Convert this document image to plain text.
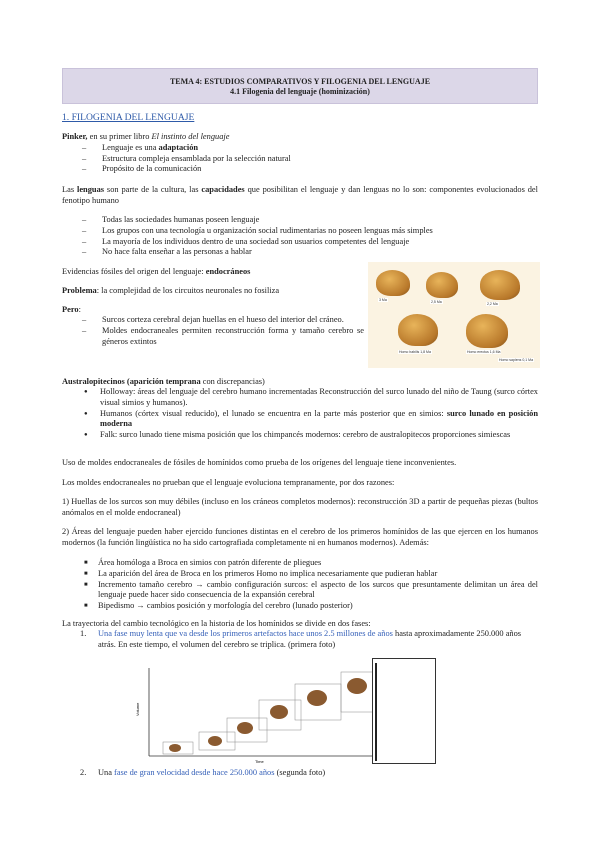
TEMA 4: ESTUDIOS COMPARATIVOS Y FILOGENIA DEL LENGUAJE
4.1 Filogenia del lenguaje (hominización)
1. FILOGENIA DEL LENGUAJE
Pinker, en su primer libro El instinto del lenguaje
– Lenguaje es una adaptación
– Estructura compleja ensamblada por la selección natural
– Propósito de la comunicación
Las lenguas son parte de la cultura, las capacidades que posibilitan el lenguaje y dan lenguas no lo son: componentes evolucionados del fenotipo humano
– Todas las sociedades humanas poseen lenguaje
– Los grupos con una tecnología u organización social rudimentarias no poseen lenguas más simples
– La mayoría de los individuos dentro de una sociedad son usuarios competentes del lenguaje
– No hace falta enseñar a las personas a hablar
Evidencias fósiles del origen del lenguaje: endocráneos
Problema: la complejidad de los circuitos neuronales no fosiliza
Pero:
– Surcos corteza cerebral dejan huellas en el hueso del interior del cráneo.
– Moldes endocraneales permiten reconstrucción forma y tamaño cerebro se géneros extintos
3 Ma	2,5 Ma	2,2 Ma
Homo habilis 1,8 Ma	Homo erectus 1,6 Ma
Homo sapiens 0,1 Ma
Australopitecinos (aparición temprana con discrepancias)
● Holloway: áreas del lenguaje del cerebro humano incrementadas Reconstrucción del surco lunado del niño de Taung (surco córtex visual simios y humanos).
● Humanos (córtex visual reducido), el lunado se encuentra en la parte más posterior que en simios: surco lunado en posición moderna
● Falk: surco lunado tiene misma posición que los chimpancés modernos: cerebro de australopitecos proporciones simiescas
Uso de moldes endocraneales de fósiles de homínidos como prueba de los orígenes del lenguaje tiene inconvenientes.
Los moldes endocraneales no prueban que el lenguaje evoluciona tempranamente, por dos razones:
1) Huellas de los surcos son muy débiles (incluso en los cráneos completos modernos): reconstrucción 3D a partir de pequeñas piezas (bultos anómalos en el molde endocraneal)
2) Áreas del lenguaje pueden haber ejercido funciones distintas en el cerebro de los primeros homínidos de las que ejercen en los humanos modernos (la función lingüística no ha sido cartografiada completamente ni en humanos modernos). Además:
■ Área homóloga a Broca en simios con patrón diferente de pliegues
■ La aparición del área de Broca en los primeros Homo no implica necesariamente que pudieran hablar
■ Incremento tamaño cerebro → cambio configuración surcos: el aspecto de los surcos que presuntamente delimitan un área del lenguaje puede hacer sido consecuencia de la expansión cerebral
■ Bipedismo → cambios posición y morfología del cerebro (lunado posterior)
La trayectoria del cambio tecnológico en la historia de los homínidos se divide en dos fases:
1. Una fase muy lenta que va desde los primeros artefactos hace unos 2.5 millones de años hasta aproximadamente 250.000 años atrás. En este tiempo, el volumen del cerebro se triplica. (primera foto)
Volume
Time
2. Una fase de gran velocidad desde hace 250.000 años (segunda foto)
